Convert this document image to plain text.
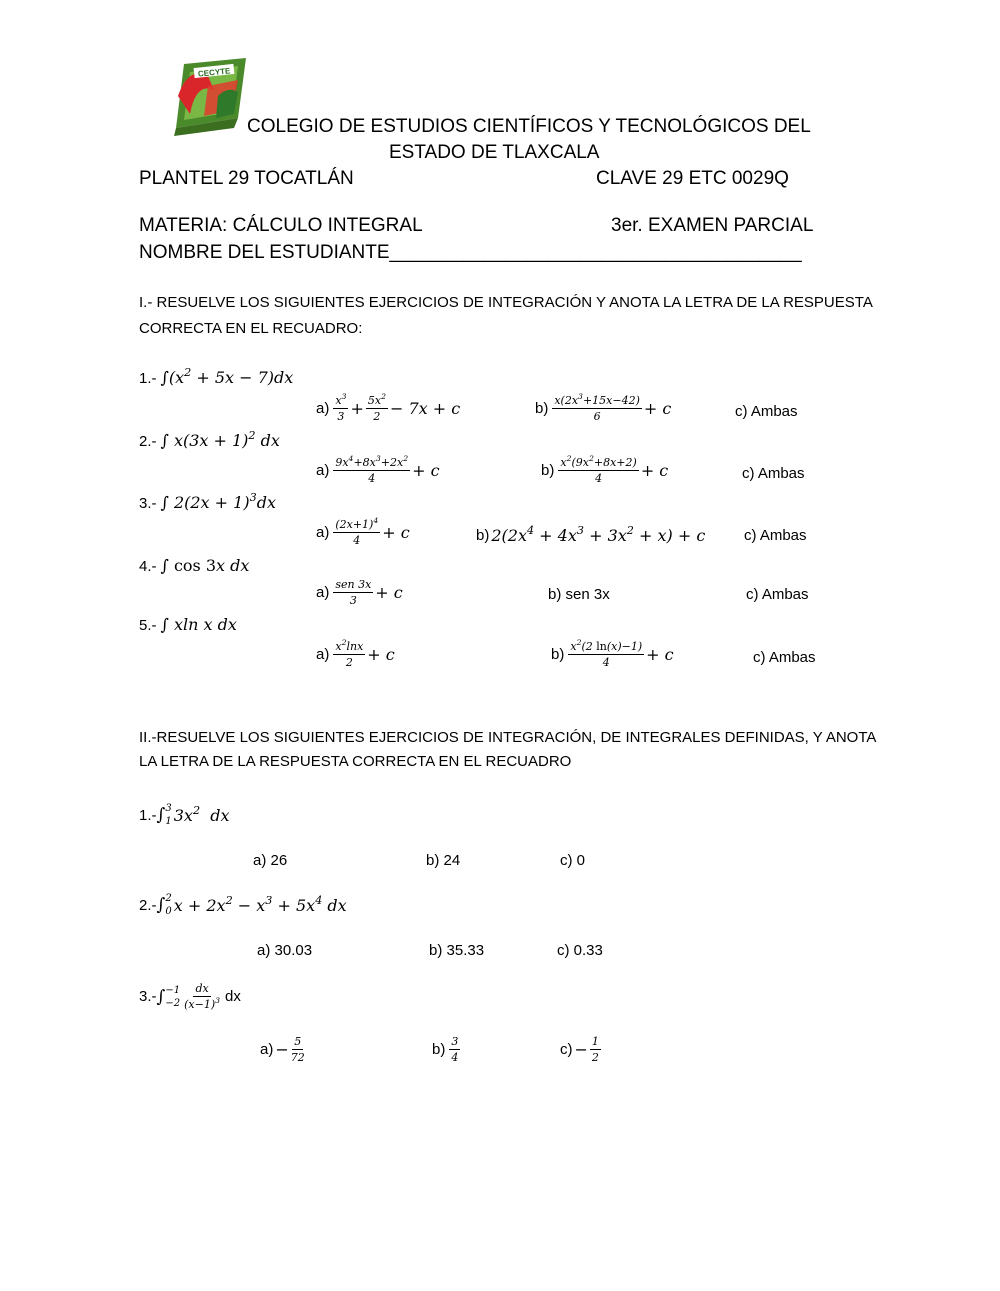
CECYTE
COLEGIO DE ESTUDIOS CIENTÍFICOS Y TECNOLÓGICOS DEL
ESTADO DE TLAXCALA
PLANTEL 29 TOCATLÁN	CLAVE 29 ETC 0029Q
MATERIA: CÁLCULO INTEGRAL	3er. EXAMEN PARCIAL
NOMBRE DEL ESTUDIANTE_______________________________________
I.- RESUELVE LOS SIGUIENTES EJERCICIOS DE INTEGRACIÓN Y ANOTA LA LETRA DE LA RESPUESTA
CORRECTA EN EL RECUADRO:
1.- $\int(x^2 + 5x - 7)dx$
$a) \frac{x^3}{3} + \frac{5x^2}{2} - 7x + c$	$b) \frac{x(2x^3+15x-42)}{6} + c$	c) Ambas
2.- ∫ $x(3x + 1)^2$ dx
$a) \frac{9x^4+8x^3+2x^2}{4} + c$	$b) \frac{x^2(9x^2+8x+2)}{4} + c$	c) Ambas
3.- ∫ $2(2x + 1)^3dx$
$a) \frac{(2x+1)^4}{4} + c$	b) $2(2x^4 + 4x^3 + 3x^2 + x) + c$	c) Ambas
4.- ∫ cos 3x dx
$a) \frac{\text{sen 3x}}{3} + c$	b) sen 3x	c) Ambas
5.- ∫ xln x dx
$a) \frac{x^2\ln x}{2} + c$	$b) \frac{x^2(2 \ln(x)-1)}{4} + c$	c) Ambas
II.-RESUELVE LOS SIGUIENTES EJERCICIOS DE INTEGRACIÓN, DE INTEGRALES DEFINIDAS, Y ANOTA
LA LETRA DE LA RESPUESTA CORRECTA EN EL RECUADRO
1.- ∫ 3
1 $3x^2$  dx
a) 26	b) 24	c) 0
2.- ∫ 2
0 $x + 2x^2 - x^3 + 5x^4$ dx
a) 30.03	b) 35.33	c) 0.33
3.- ∫ −1
$-2 \frac{dx}{(x-1)^3}$ dx
$a) - \frac{5}{72}$	$b) \frac{3}{4}$	$c) - \frac{1}{2}$
